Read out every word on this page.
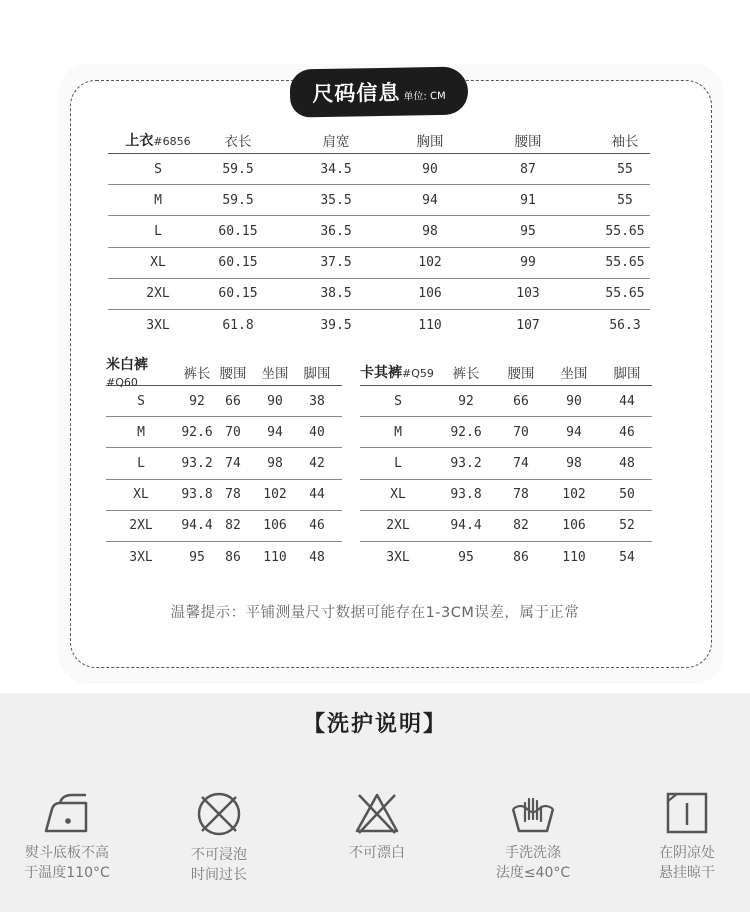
尺码信息 单位: CM
上衣#6856	衣长	肩宽	胸围	腰围	袖长
S	59.5	34.5	90	87	55
M	59.5	35.5	94	91	55
L	60.15	36.5	98	95	55.65
XL	60.15	37.5	102	99	55.65
2XL	60.15	38.5	106	103	55.65
3XL	61.8	39.5	110	107	56.3
米白裤#Q60
裤长 腰围	坐围	脚围
S	92	66	90	38
M	92.6 70	94	40
L	93.2 74	98	42
XL	93.8 78	102	44
2XL	94.4 82	106	46
3XL	95	86	110	48
卡其裤#Q59	裤长	腰围	坐围	脚围
S	92	66	90	44
M	92.6	70	94	46
L	93.2	74	98	48
XL	93.8	78	102	50
2XL	94.4	82	106	52
3XL	95	86	110	54
温馨提示：平铺测量尺寸数据可能存在1-3CM误差，属于正常
【洗护说明】
熨斗底板不高
于温度110°C
不可浸泡
时间过长
不可漂白	手洗洗涤
法度≤40°C
在阴凉处
悬挂晾干
